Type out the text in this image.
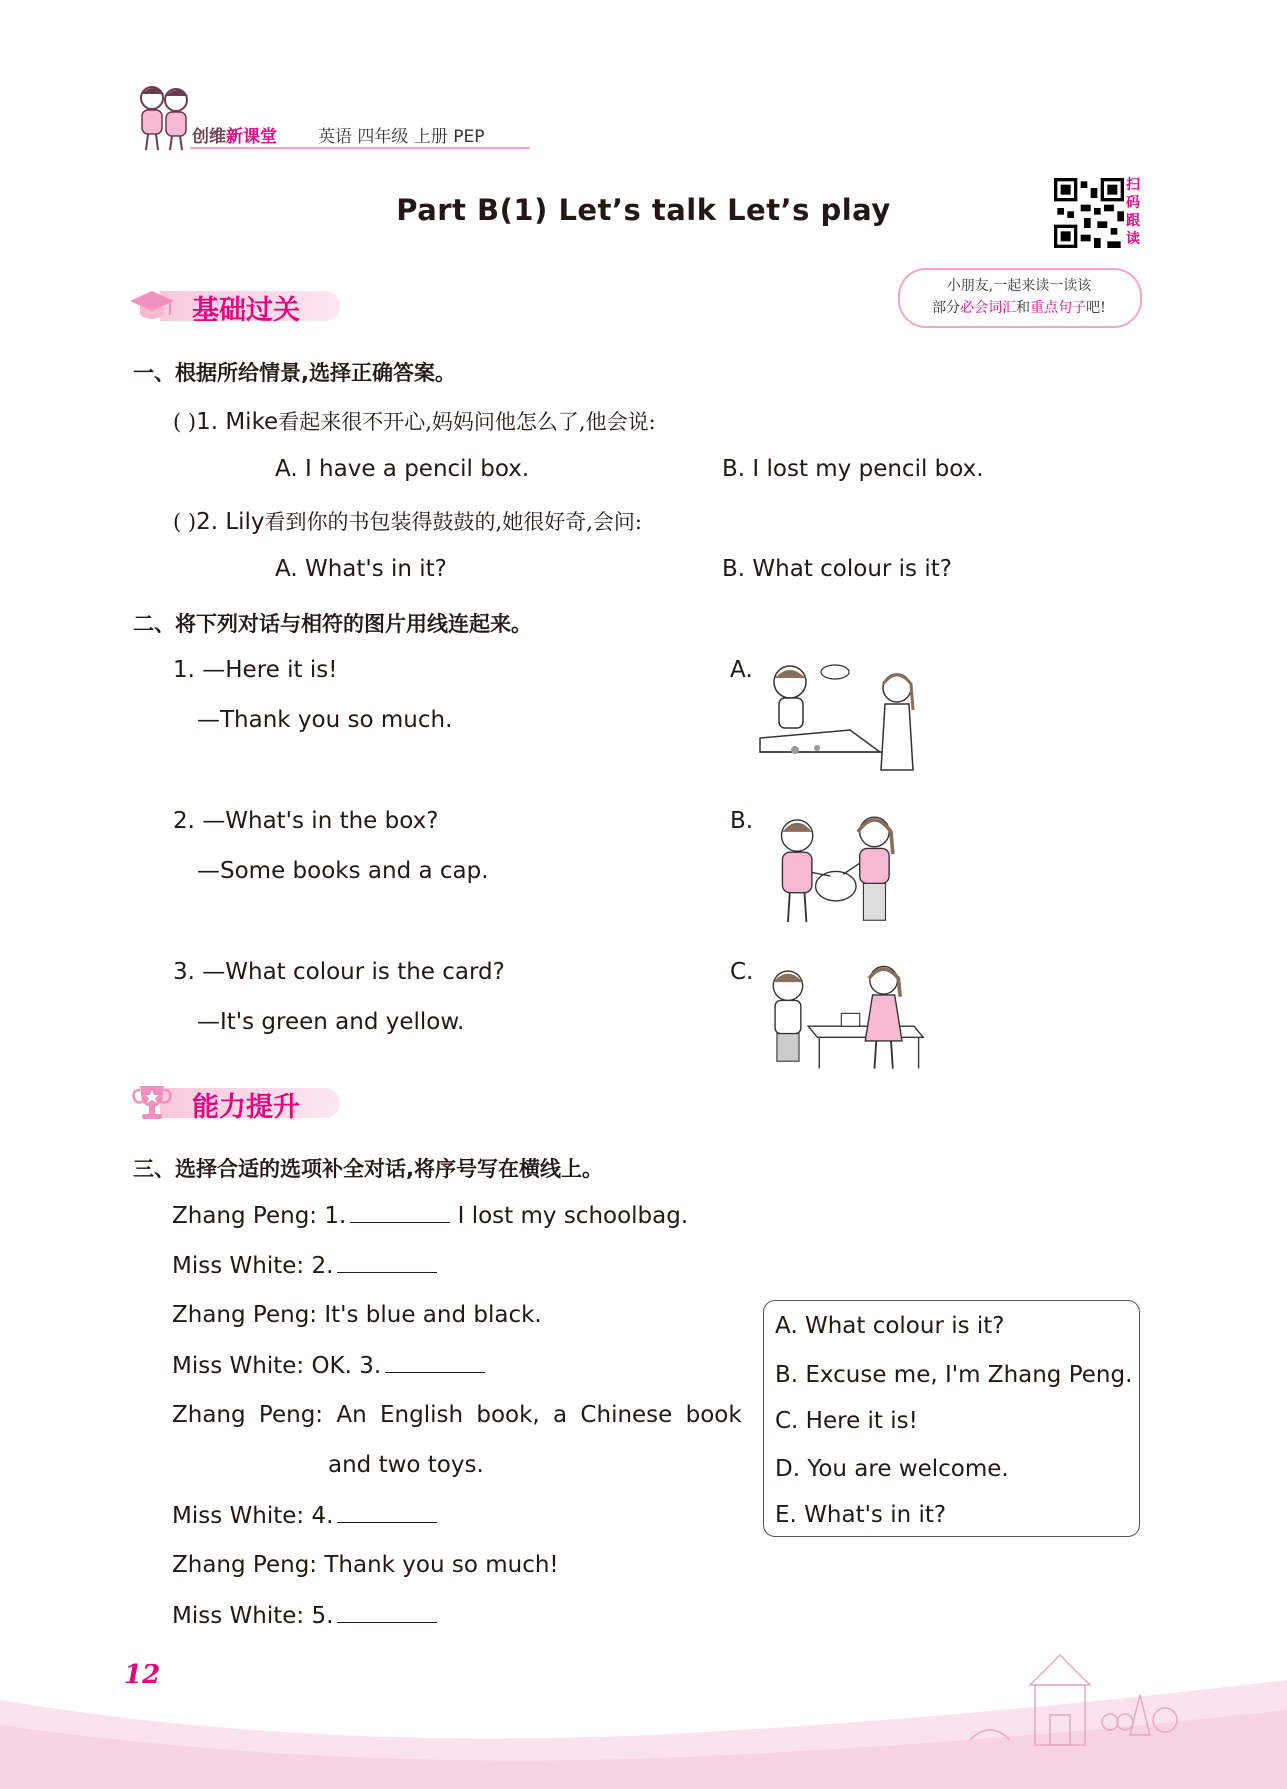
创维新课堂 英语 四年级 上册 PEP
Part B(1) Let’s talk Let’s play
扫码跟读
小朋友,一起来读一读该
部分必会词汇和重点句子吧!
基础过关
一、根据所给情景,选择正确答案。
( )1. Mike看起来很不开心,妈妈问他怎么了,他会说:
A. I have a pencil box.	B. I lost my pencil box.
( )2. Lily看到你的书包装得鼓鼓的,她很好奇,会问:
A. What's in it?	B. What colour is it?
二、将下列对话与相符的图片用线连起来。
1. —Here it is!
—Thank you so much.
2. —What's in the box?
—Some books and a cap.
3. —What colour is the card?
—It's green and yellow.
A.
B.
C.
能力提升
三、选择合适的选项补全对话,将序号写在横线上。
Zhang Peng: 1.	I lost my schoolbag.
Miss White: 2.
Zhang Peng: It's blue and black.
Miss White: OK. 3.
Zhang Peng: An English book, a Chinese book
and two toys.
Miss White: 4.
Zhang Peng: Thank you so much!
Miss White: 5.
A. What colour is it?
B. Excuse me, I'm Zhang Peng.
C. Here it is!
D. You are welcome.
E. What's in it?
12
